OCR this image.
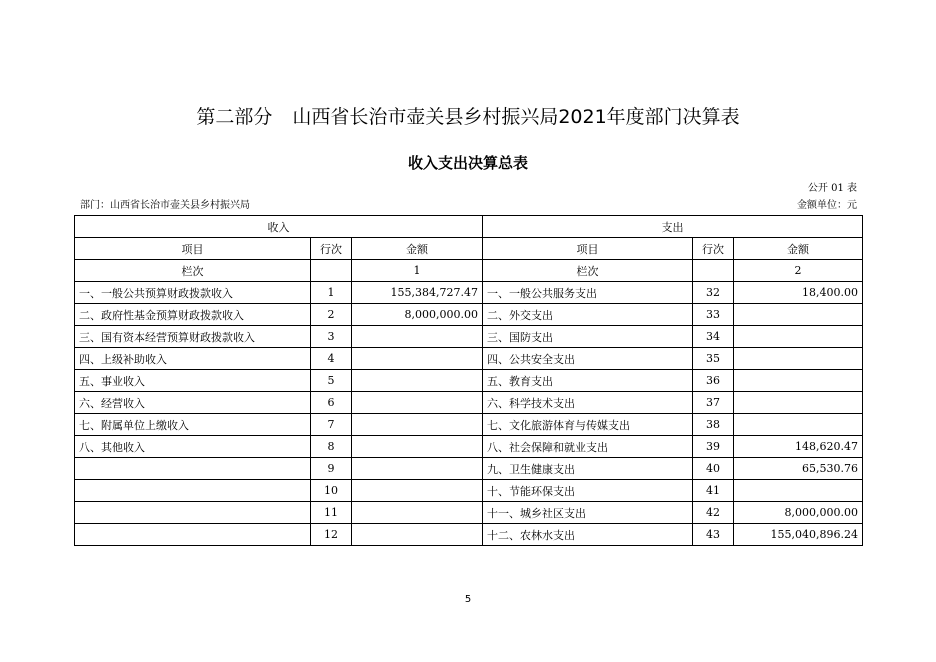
第二部分 山西省长治市壶关县乡村振兴局2021年度部门决算表
收入支出决算总表
公开 01 表
部门：山西省长治市壶关县乡村振兴局	金额单位：元
收入			支出		
项目	行次	金额	项目	行次	金额
栏次		1	栏次		2
一、一般公共预算财政拨款收入	1	155,384,727.47	一、一般公共服务支出	32	18,400.00
二、政府性基金预算财政拨款收入	2	8,000,000.00	二、外交支出	33	
三、国有资本经营预算财政拨款收入	3		三、国防支出	34	
四、上级补助收入	4		四、公共安全支出	35	
五、事业收入	5		五、教育支出	36	
六、经营收入	6		六、科学技术支出	37	
七、附属单位上缴收入	7		七、文化旅游体育与传媒支出	38	
八、其他收入	8		八、社会保障和就业支出	39	148,620.47
	9		九、卫生健康支出	40	65,530.76
	10		十、节能环保支出	41	
	11		十一、城乡社区支出	42	8,000,000.00
	12		十二、农林水支出	43	155,040,896.24
5
